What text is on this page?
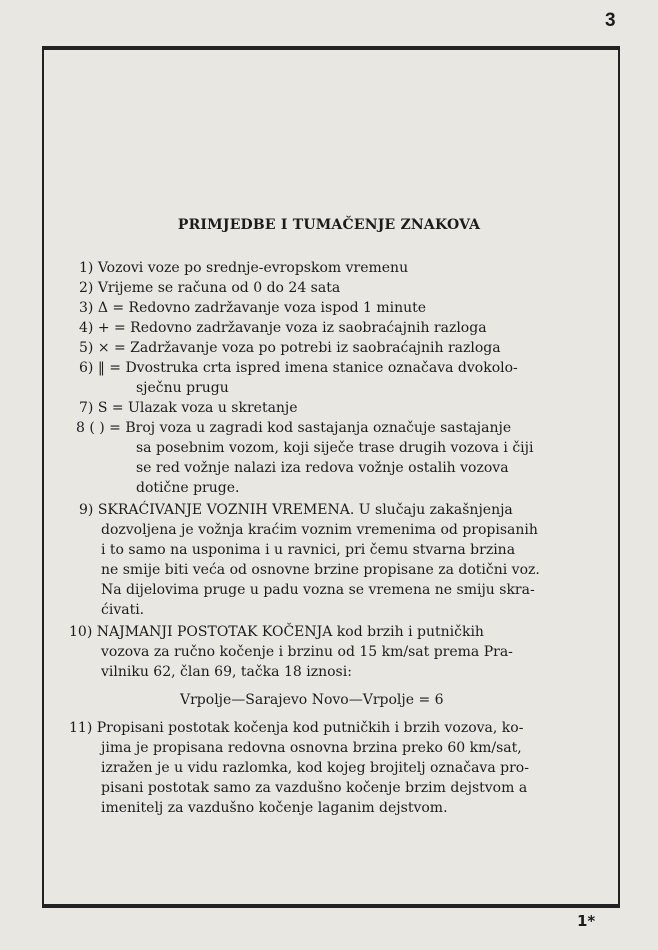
3
PRIMJEDBE I TUMAČENJE ZNAKOVA
1) Vozovi voze po srednje-evropskom vremenu
2) Vrijeme se računa od 0 do 24 sata
3) Δ = Redovno zadržavanje voza ispod 1 minute
4) + = Redovno zadržavanje voza iz saobraćajnih razloga
5) × = Zadržavanje voza po potrebi iz saobraćajnih razloga
6) ‖ = Dvostruka crta ispred imena stanice označava dvokolo-
sječnu prugu
7) S = Ulazak voza u skretanje
8 ( ) = Broj voza u zagradi kod sastajanja označuje sastajanje
sa posebnim vozom, koji siječe trase drugih vozova i čiji
se red vožnje nalazi iza redova vožnje ostalih vozova
dotične pruge.
9) SKRAĆIVANJE VOZNIH VREMENA. U slučaju zakašnjenja
dozvoljena je vožnja kraćim voznim vremenima od propisanih
i to samo na usponima i u ravnici, pri čemu stvarna brzina
ne smije biti veća od osnovne brzine propisane za dotični voz.
Na dijelovima pruge u padu vozna se vremena ne smiju skra-
ćivati.
10) NAJMANJI POSTOTAK KOČENJA kod brzih i putničkih
vozova za ručno kočenje i brzinu od 15 km/sat prema Pra-
vilniku 62, član 69, tačka 18 iznosi:
Vrpolje—Sarajevo Novo—Vrpolje = 6
11) Propisani postotak kočenja kod putničkih i brzih vozova, ko-
jima je propisana redovna osnovna brzina preko 60 km/sat,
izražen je u vidu razlomka, kod kojeg brojitelj označava pro-
pisani postotak samo za vazdušno kočenje brzim dejstvom a
imenitelj za vazdušno kočenje laganim dejstvom.
1*
